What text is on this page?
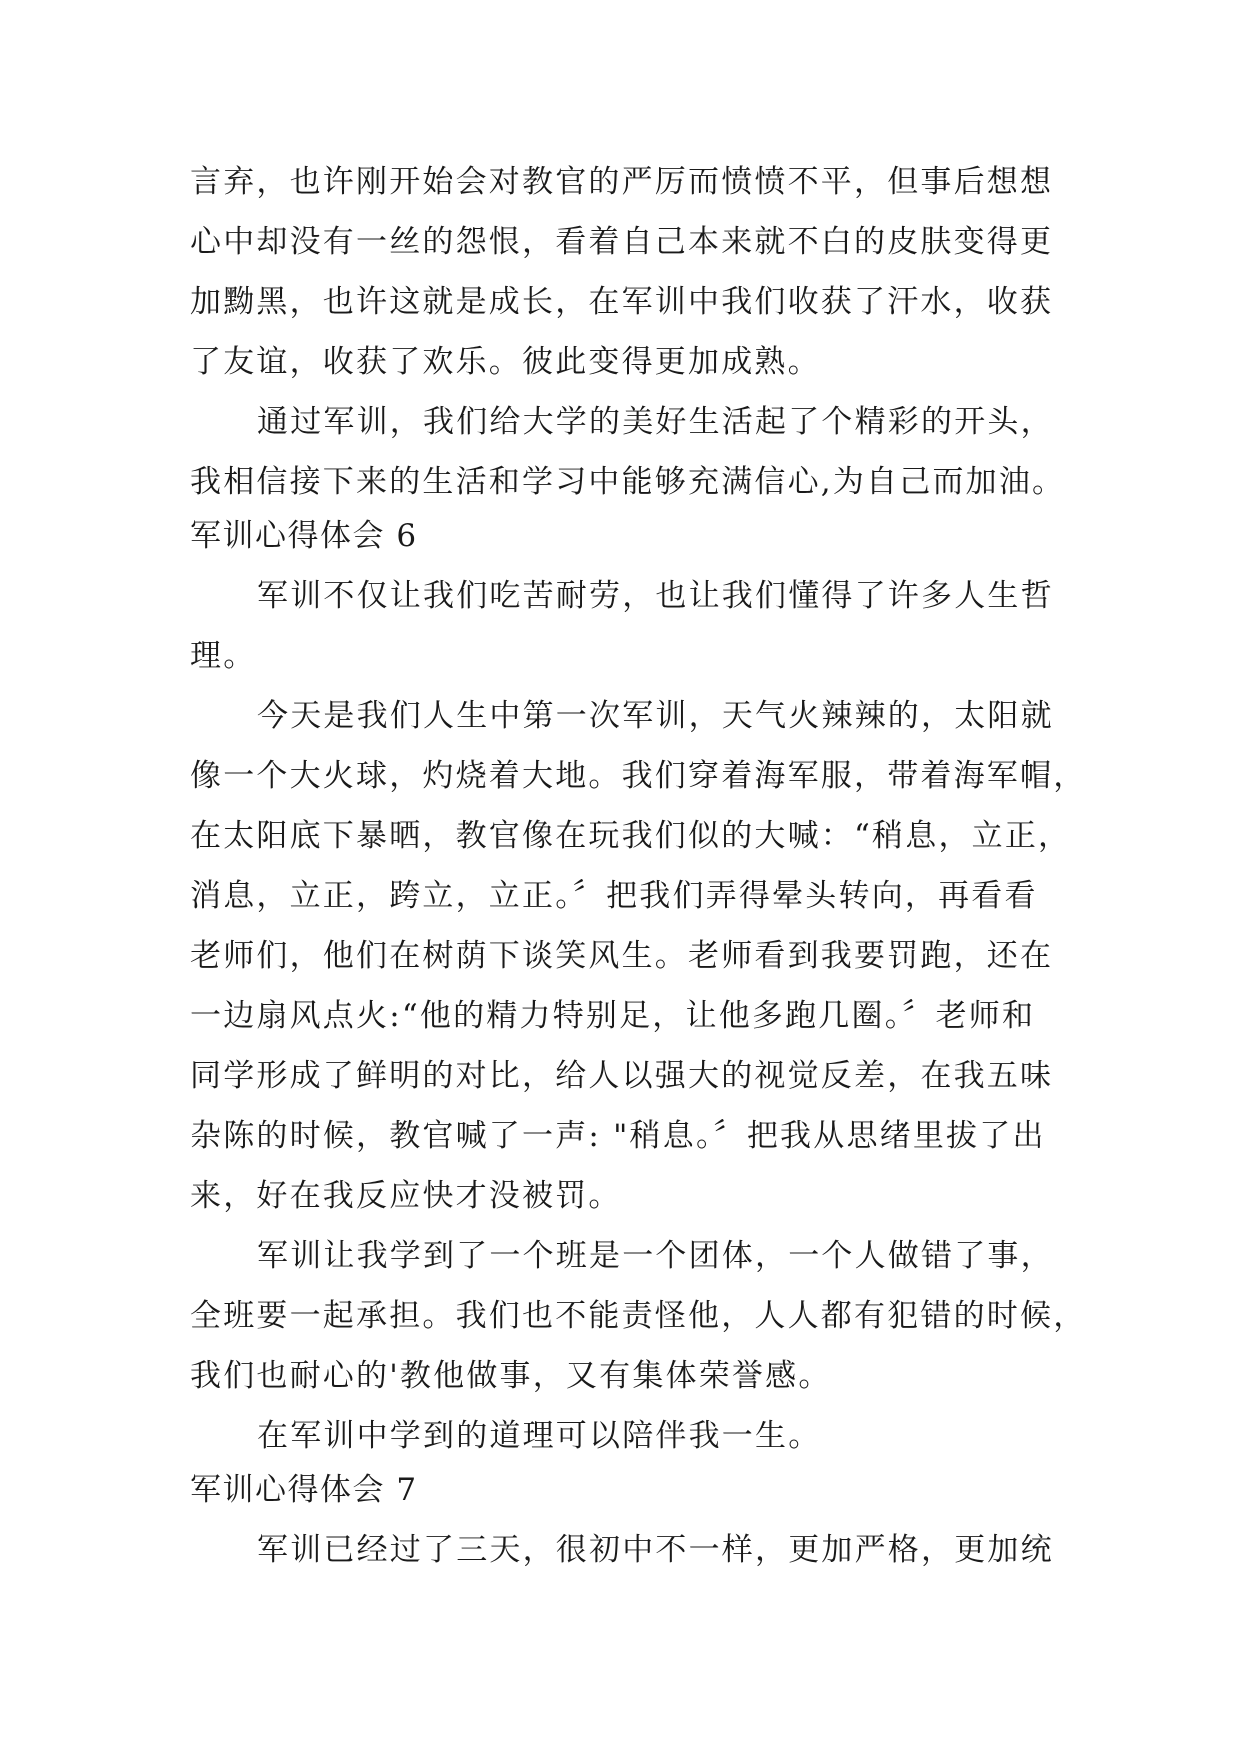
言弃，也许刚开始会对教官的严厉而愤愤不平，但事后想想
心中却没有一丝的怨恨，看着自己本来就不白的皮肤变得更
加黝黑，也许这就是成长，在军训中我们收获了汗水，收获
了友谊，收获了欢乐。彼此变得更加成熟。
通过军训，我们给大学的美好生活起了个精彩的开头，
我相信接下来的生活和学习中能够充满信心,为自己而加油。
军训心得体会 6
军训不仅让我们吃苦耐劳，也让我们懂得了许多人生哲
理。
今天是我们人生中第一次军训，天气火辣辣的，太阳就
像一个大火球，灼烧着大地。我们穿着海军服，带着海军帽，
在太阳底下暴晒，教官像在玩我们似的大喊：“稍息，立正，
消息，立正，跨立，立正。〞把我们弄得晕头转向，再看看
老师们，他们在树荫下谈笑风生。老师看到我要罚跑，还在
一边扇风点火:“他的精力特别足，让他多跑几圈。〞老师和
同学形成了鲜明的对比，给人以强大的视觉反差，在我五味
杂陈的时候，教官喊了一声: "稍息。〞把我从思绪里拔了出
来，好在我反应快才没被罚。
军训让我学到了一个班是一个团体，一个人做错了事，
全班要一起承担。我们也不能责怪他，人人都有犯错的时候，
我们也耐心的'教他做事，又有集体荣誉感。
在军训中学到的道理可以陪伴我一生。
军训心得体会 7
军训已经过了三天，很初中不一样，更加严格，更加统
